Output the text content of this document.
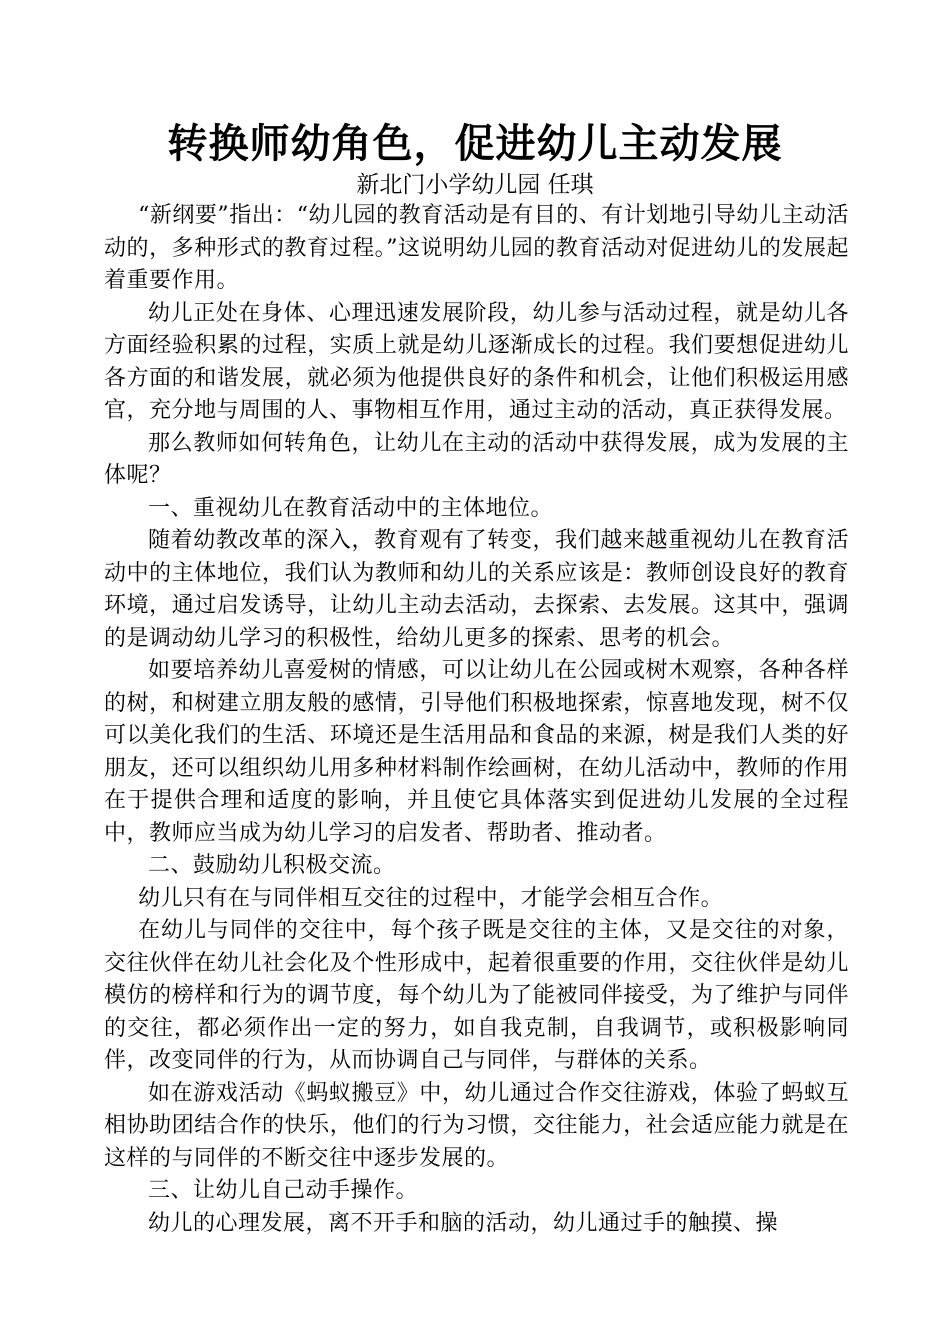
转换师幼角色，促进幼儿主动发展
新北门小学幼儿园 任琪

“新纲要”指出：“幼儿园的教育活动是有目的、有计划地引导幼儿主动活动的，多种形式的教育过程。”这说明幼儿园的教育活动对促进幼儿的发展起着重要作用。

幼儿正处在身体、心理迅速发展阶段，幼儿参与活动过程，就是幼儿各方面经验积累的过程，实质上就是幼儿逐渐成长的过程。我们要想促进幼儿各方面的和谐发展，就必须为他提供良好的条件和机会，让他们积极运用感官，充分地与周围的人、事物相互作用，通过主动的活动，真正获得发展。

那么教师如何转角色，让幼儿在主动的活动中获得发展，成为发展的主体呢？

一、重视幼儿在教育活动中的主体地位。

随着幼教改革的深入，教育观有了转变，我们越来越重视幼儿在教育活动中的主体地位，我们认为教师和幼儿的关系应该是：教师创设良好的教育环境，通过启发诱导，让幼儿主动去活动，去探索、去发展。这其中，强调的是调动幼儿学习的积极性，给幼儿更多的探索、思考的机会。

如要培养幼儿喜爱树的情感，可以让幼儿在公园或树木观察，各种各样的树，和树建立朋友般的感情，引导他们积极地探索，惊喜地发现，树不仅可以美化我们的生活、环境还是生活用品和食品的来源，树是我们人类的好朋友，还可以组织幼儿用多种材料制作绘画树，在幼儿活动中，教师的作用在于提供合理和适度的影响，并且使它具体落实到促进幼儿发展的全过程中，教师应当成为幼儿学习的启发者、帮助者、推动者。

二、鼓励幼儿积极交流。

幼儿只有在与同伴相互交往的过程中，才能学会相互合作。

在幼儿与同伴的交往中，每个孩子既是交往的主体，又是交往的对象，交往伙伴在幼儿社会化及个性形成中，起着很重要的作用，交往伙伴是幼儿模仿的榜样和行为的调节度，每个幼儿为了能被同伴接受，为了维护与同伴的交往，都必须作出一定的努力，如自我克制，自我调节，或积极影响同伴，改变同伴的行为，从而协调自己与同伴，与群体的关系。

如在游戏活动《蚂蚁搬豆》中，幼儿通过合作交往游戏，体验了蚂蚁互相协助团结合作的快乐，他们的行为习惯，交往能力，社会适应能力就是在这样的与同伴的不断交往中逐步发展的。

三、让幼儿自己动手操作。

幼儿的心理发展，离不开手和脑的活动，幼儿通过手的触摸、操
